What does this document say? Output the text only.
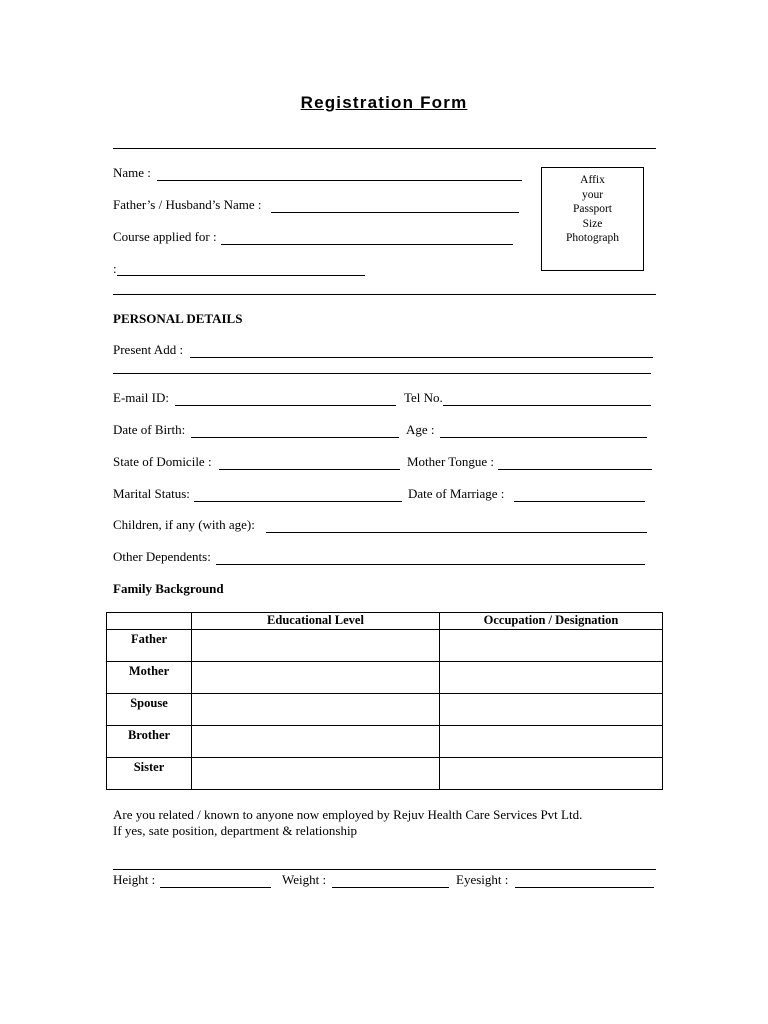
Registration Form
Name :
Father’s / Husband’s Name :
Course applied for :
:
Affix
your
Passport
Size
Photograph
PERSONAL DETAILS
Present Add :
E-mail ID:	Tel No.
Date of Birth:	Age :
State of Domicile :	Mother Tongue :
Marital Status:	Date of Marriage :
Children, if any (with age):
Other Dependents:
Family Background
	Educational Level	Occupation / Designation
Father		
Mother		
Spouse		
Brother		
Sister		
Are you related / known to anyone now employed by Rejuv Health Care Services Pvt Ltd.
If yes, sate position, department & relationship
Height :	Weight :	Eyesight :
